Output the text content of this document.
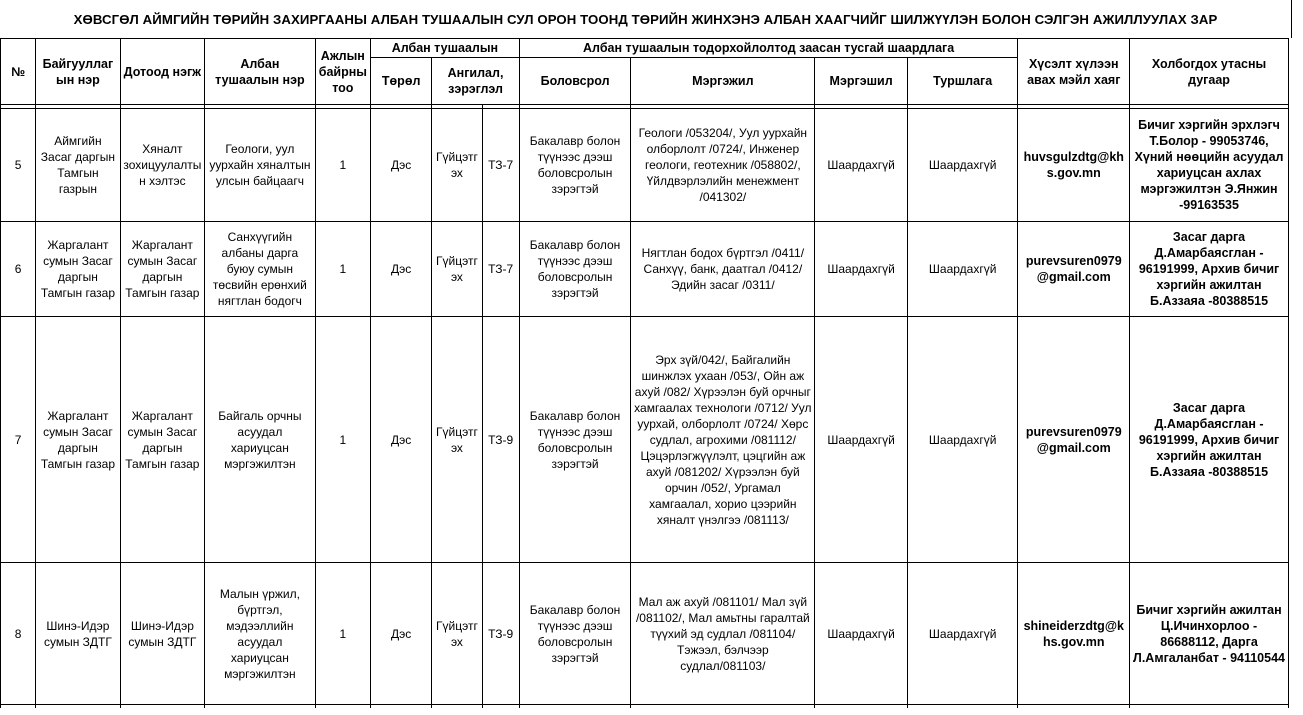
ХӨВСГӨЛ АЙМГИЙН ТӨРИЙН ЗАХИРГААНЫ АЛБАН ТУШААЛЫН СУЛ ОРОН ТООНД ТӨРИЙН ЖИНХЭНЭ АЛБАН ХААГЧИЙГ ШИЛЖҮҮЛЭН БОЛОН СЭЛГЭН АЖИЛЛУУЛАХ ЗАР
№	Байгууллагын нэр	Дотоод нэгж	Албан тушаалын нэр	Ажлын байрны тоо	Албан тушаалын			Албан тушаалын тодорхойлолтод заасан тусгай шаардлага				Хүсэлт хүлээн авах мэйл хаяг	Холбогдох утасны дугаар
					Төрөл	Ангилал, зэрэглэл		Боловсрол	Мэргэжил	Мэргэшил	Туршлага		

5	Аймгийн Засаг даргын Тамгын газрын	Хяналт зохицуулалтын хэлтэс	Геологи, уул уурхайн хяналтын улсын байцаагч	1	Дэс	Гүйцэтгэх	ТЗ-7	Бакалавр болон түүнээс дээш боловсролын зэрэгтэй	Геологи /053204/, Уул уурхайн олборлолт /0724/, Инженер геологи, геотехник /058802/, Үйлдвэрлэлийн менежмент /041302/	Шаардахгүй	Шаардахгүй	huvsgulzdtg@khs.gov.mn	Бичиг хэргийн эрхлэгч Т.Болор - 99053746, Хүний нөөцийн асуудал хариуцсан ахлах мэргэжилтэн Э.Янжин -99163535
6	Жаргалант сумын Засаг даргын Тамгын газар	Жаргалант сумын Засаг даргын Тамгын газар	Санхүүгийн албаны дарга буюу сумын төсвийн ерөнхий нягтлан бодогч	1	Дэс	Гүйцэтгэх	ТЗ-7	Бакалавр болон түүнээс дээш боловсролын зэрэгтэй	Нягтлан бодох бүртгэл /0411/ Санхүү, банк, даатгал /0412/ Эдийн засаг /0311/	Шаардахгүй	Шаардахгүй	purevsuren0979@gmail.com	Засаг дарга Д.Амарбаясглан - 96191999, Архив бичиг хэргийн ажилтан Б.Аззаяа -80388515
7	Жаргалант сумын Засаг даргын Тамгын газар	Жаргалант сумын Засаг даргын Тамгын газар	Байгаль орчны асуудал хариуцсан мэргэжилтэн	1	Дэс	Гүйцэтгэх	ТЗ-9	Бакалавр болон түүнээс дээш боловсролын зэрэгтэй	Эрх зүй/042/, Байгалийн шинжлэх ухаан /053/, Ойн аж ахуй /082/ Хүрээлэн буй орчныг хамгаалах технологи /0712/ Уул уурхай, олборлолт /0724/ Хөрс судлал, агрохими /081112/ Цэцэрлэгжүүлэлт, цэцгийн аж ахуй /081202/ Хүрээлэн буй орчин /052/, Ургамал хамгаалал, хорио цээрийн хяналт үнэлгээ /081113/	Шаардахгүй	Шаардахгүй	purevsuren0979@gmail.com	Засаг дарга Д.Амарбаясглан - 96191999, Архив бичиг хэргийн ажилтан Б.Аззаяа -80388515
8	Шинэ-Идэр сумын ЗДТГ	Шинэ-Идэр сумын ЗДТГ	Малын үржил, бүртгэл, мэдээллийн асуудал хариуцсан мэргэжилтэн	1	Дэс	Гүйцэтгэх	ТЗ-9	Бакалавр болон түүнээс дээш боловсролын зэрэгтэй	Мал аж ахуй /081101/ Мал зүй /081102/, Мал амьтны гаралтай түүхий эд судлал /081104/ Тэжээл, бэлчээр судлал/081103/	Шаардахгүй	Шаардахгүй	shineiderzdtg@khs.gov.mn	Бичиг хэргийн ажилтан Ц.Ичинхорлоо - 86688112, Дарга Л.Амгаланбат - 94110544
